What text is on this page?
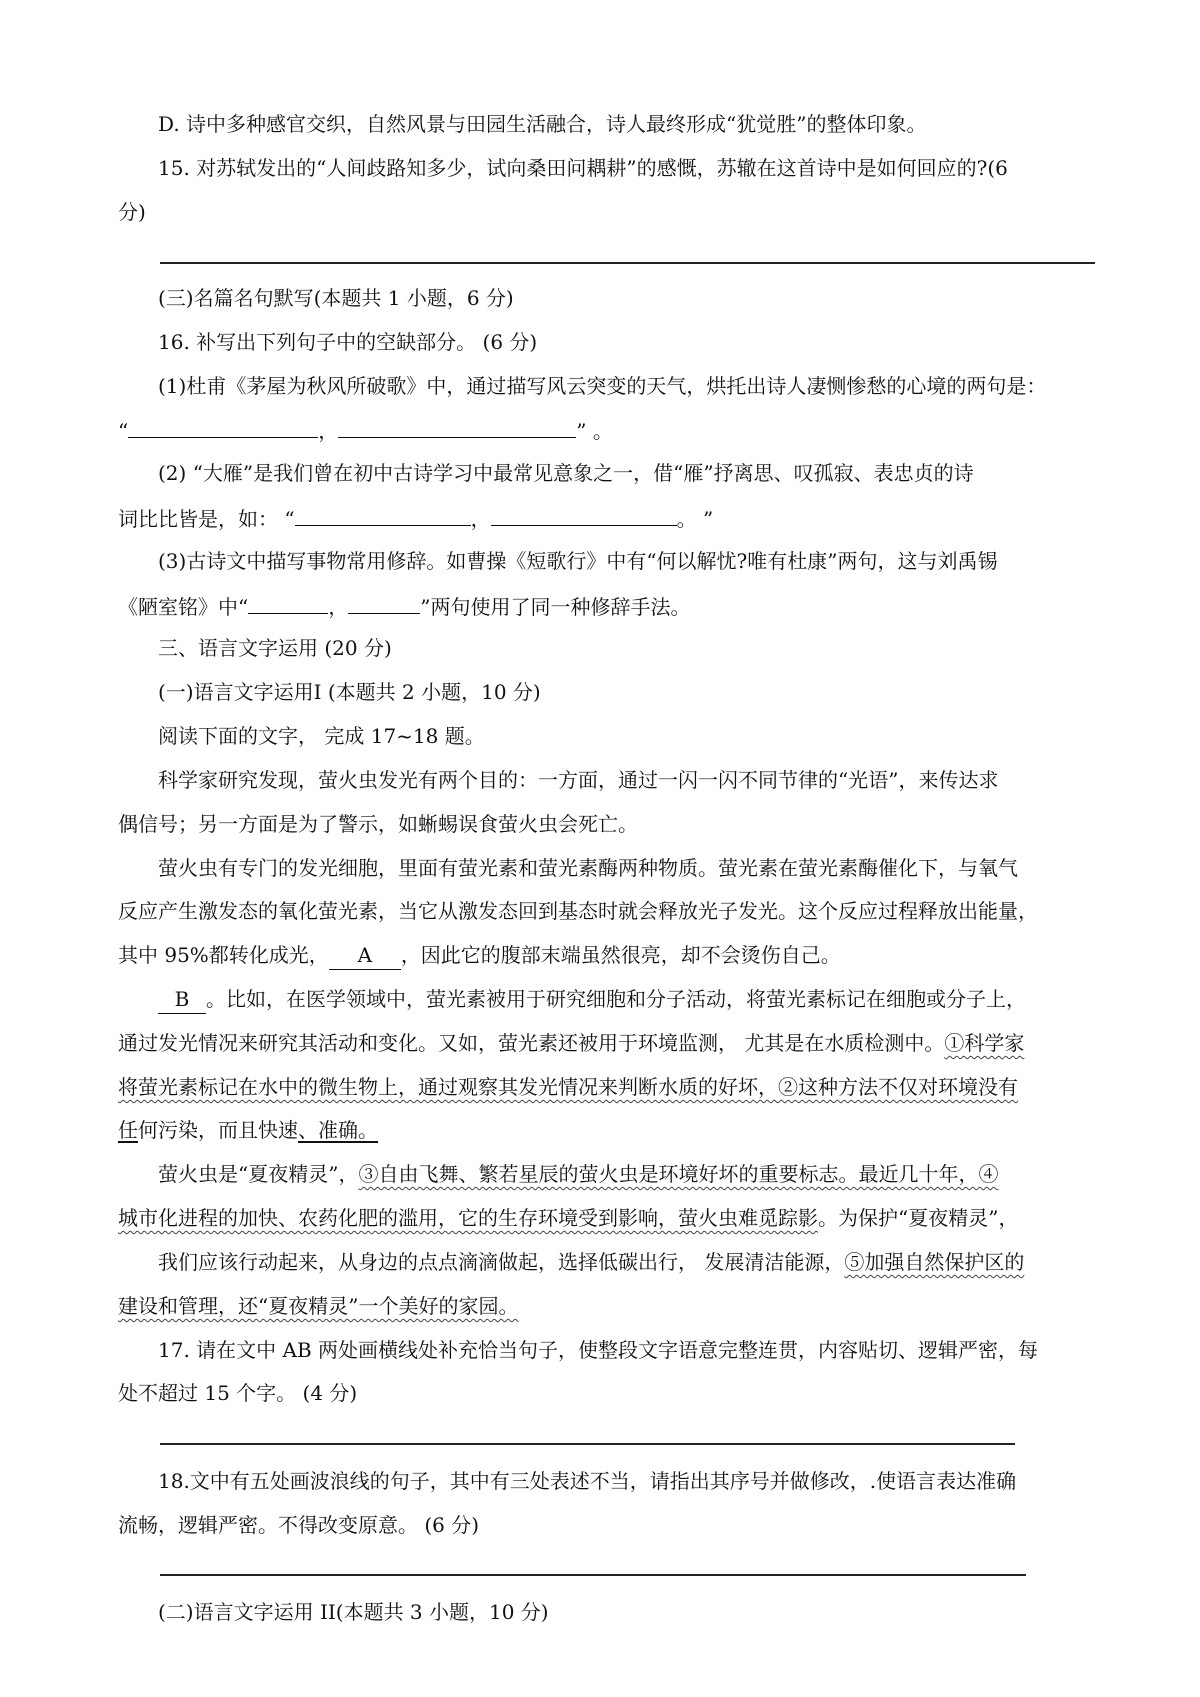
D. 诗中多种感官交织，自然风景与田园生活融合，诗人最终形成“犹觉胜”的整体印象。
15. 对苏轼发出的“人间歧路知多少，试向桑田问耦耕”的感慨，苏辙在这首诗中是如何回应的?(6
分)
(三)名篇名句默写(本题共 1 小题，6 分)
16. 补写出下列句子中的空缺部分。 (6 分)
(1)杜甫《茅屋为秋风所破歌》中，通过描写风云突变的天气，烘托出诗人凄恻惨愁的心境的两句是：
“	，	” 。
(2) “大雁”是我们曾在初中古诗学习中最常见意象之一，借“雁”抒离思、叹孤寂、表忠贞的诗
词比比皆是，如： “	，	。 ”
(3)古诗文中描写事物常用修辞。如曹操《短歌行》中有“何以解忧?唯有杜康”两句，这与刘禹锡
《陋室铭》中“	，	”两句使用了同一种修辞手法。
三、语言文字运用 (20 分)
(一)语言文字运用Ⅰ (本题共 2 小题，10 分)
阅读下面的文字， 完成 17~18 题。
科学家研究发现，萤火虫发光有两个目的：一方面，通过一闪一闪不同节律的“光语”，来传达求
偶信号；另一方面是为了警示，如蜥蜴误食萤火虫会死亡。
萤火虫有专门的发光细胞，里面有萤光素和萤光素酶两种物质。萤光素在萤光素酶催化下，与氧气
反应产生激发态的氧化萤光素，当它从激发态回到基态时就会释放光子发光。这个反应过程释放出能量，
其中 95%都转化成光， A ，因此它的腹部末端虽然很亮，却不会烫伤自己。
B 。比如，在医学领域中，萤光素被用于研究细胞和分子活动，将萤光素标记在细胞或分子上，
通过发光情况来研究其活动和变化。又如，萤光素还被用于环境监测， 尤其是在水质检测中。①科学家
将萤光素标记在水中的微生物上，通过观察其发光情况来判断水质的好坏，②这种方法不仅对环境没有
任何污染，而且快速、准确。
萤火虫是“夏夜精灵”，③自由飞舞、繁若星辰的萤火虫是环境好坏的重要标志。最近几十年，④
城市化进程的加快、农药化肥的滥用，它的生存环境受到影响，萤火虫难觅踪影。为保护“夏夜精灵”，
我们应该行动起来，从身边的点点滴滴做起，选择低碳出行， 发展清洁能源，⑤加强自然保护区的
建设和管理，还“夏夜精灵”一个美好的家园。
17. 请在文中 AB 两处画横线处补充恰当句子，使整段文字语意完整连贯，内容贴切、逻辑严密，每
处不超过 15 个字。 (4 分)
18.文中有五处画波浪线的句子，其中有三处表述不当，请指出其序号并做修改，.使语言表达准确
流畅，逻辑严密。不得改变原意。 (6 分)
(二)语言文字运用 II(本题共 3 小题，10 分)
